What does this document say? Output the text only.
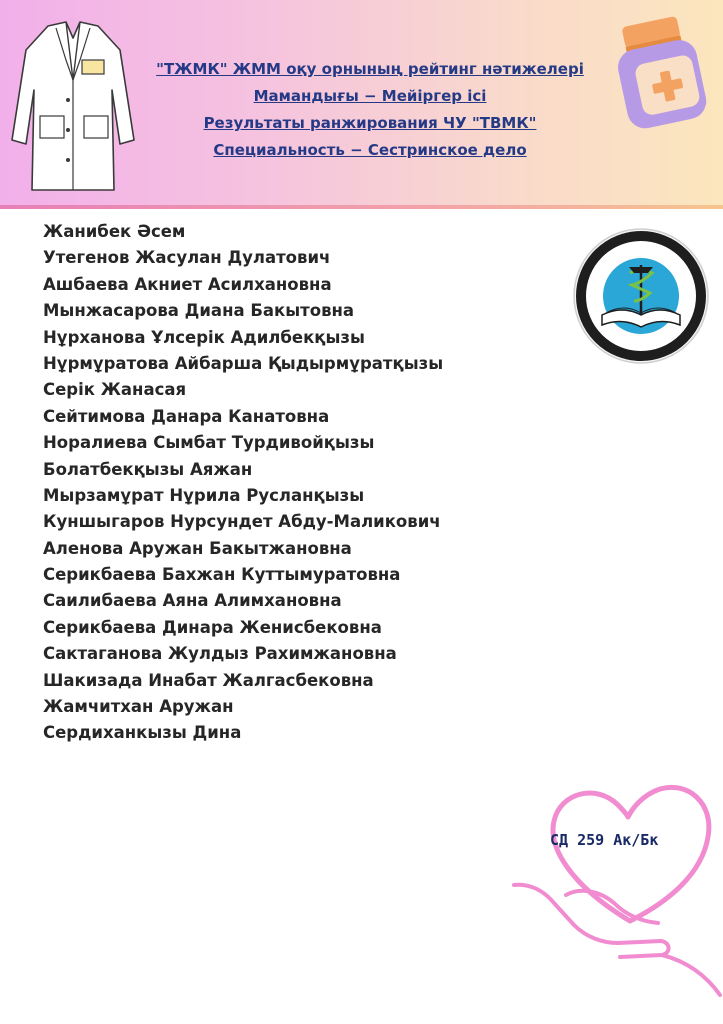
"ТЖМК" ЖММ оқу орнының рейтинг нәтижелері
Мамандығы − Мейіргер ісі
Результаты ранжирования ЧУ "ТВМК"
Специальность − Сестринское дело
Жанибек Әсем
Утегенов Жасулан Дулатович
Ашбаева Акниет Асилхановна
Мынжасарова Диана Бакытовна
Нұрханова Ұлсерік Адилбекқызы
Нұрмұратова Айбарша Қыдырмұратқызы
Серік Жанасая
Сейтимова Данара Канатовна
Норалиева Сымбат Турдивойқызы
Болатбекқызы Аяжан
Мырзамұрат Нұрила Русланқызы
Куншыгаров Нурсундет Абду-Маликович
Аленова Аружан Бакытжановна
Серикбаева Бахжан Куттымуратовна
Саилибаева Аяна Алимхановна
Серикбаева Динара Женисбековна
Сактаганова Жулдыз Рахимжановна
Шакизада Инабат Жалгасбековна
Жамчитхан Аружан
Сердиханкызы Дина
СД 259 Ак/Бк
